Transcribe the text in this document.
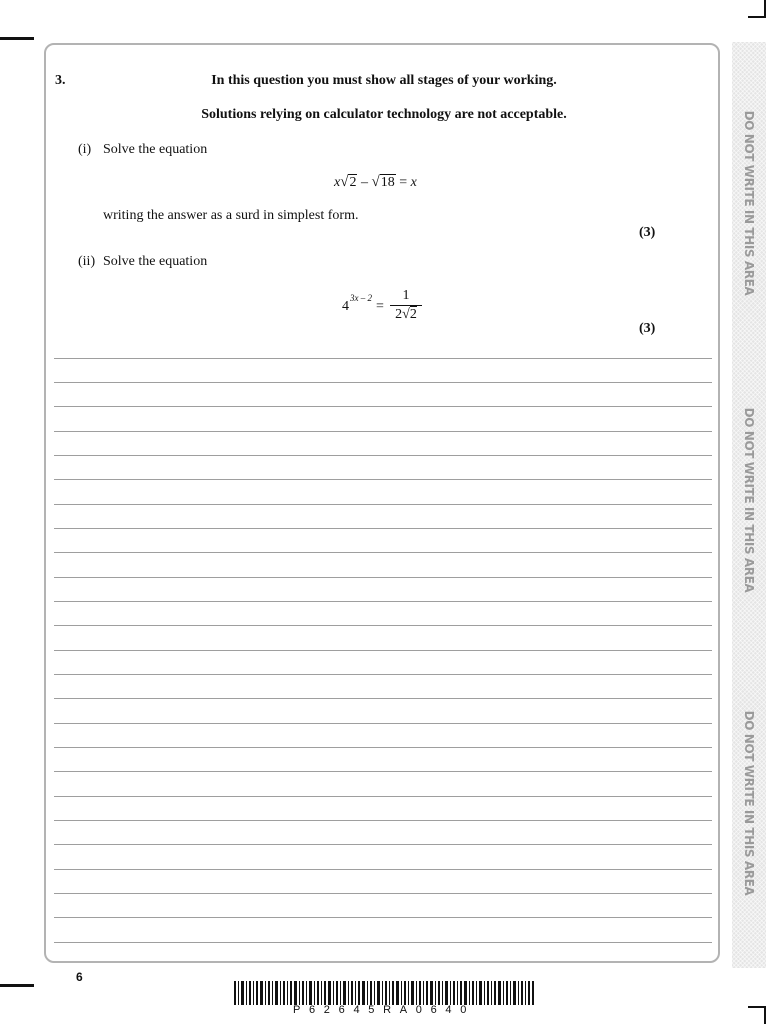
DO NOT WRITE IN THIS AREA
DO NOT WRITE IN THIS AREA
DO NOT WRITE IN THIS AREA
3.	In this question you must show all stages of your working.
Solutions relying on calculator technology are not acceptable.
(i) Solve the equation
x√2 – √18 = x
writing the answer as a surd in simplest form.
(3)
(ii) Solve the equation
4
3x – 2
=
1
2√2
(3)
6
P62645RA0640
